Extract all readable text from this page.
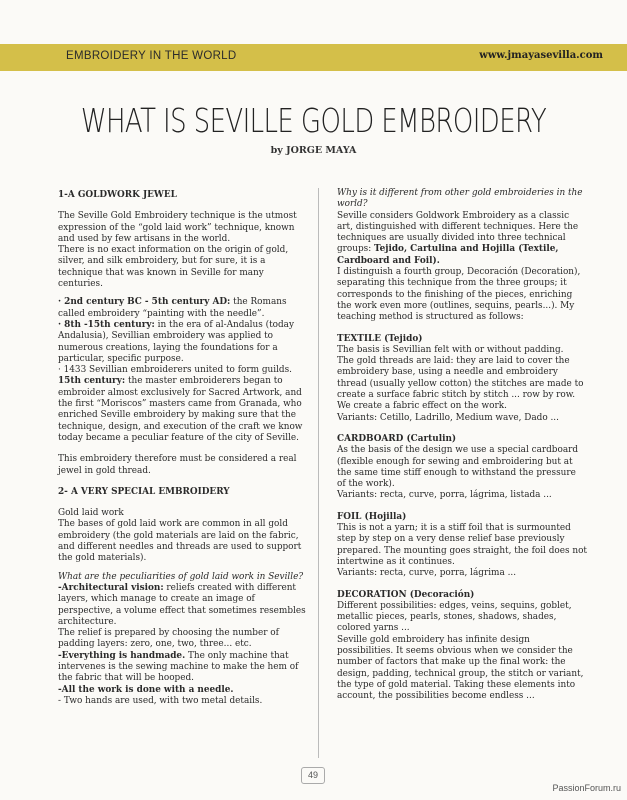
EMBROIDERY IN THE WORLD	www.jmayasevilla.com
WHAT IS SEVILLE GOLD EMBROIDERY
by JORGE MAYA

1-A GOLDWORK JEWEL

The Seville Gold Embroidery technique is the utmost expression of the “gold laid work” technique, known and used by few artisans in the world.

There is no exact information on the origin of gold, silver, and silk embroidery, but for sure, it is a technique that was known in Seville for many centuries.

· 2nd century BC - 5th century AD: the Romans called embroidery “painting with the needle”.

· 8th -15th century: in the era of al-Andalus (today Andalusia), Sevillian embroidery was applied to numerous creations, laying the foundations for a particular, specific purpose.

· 1433 Sevillian embroiderers united to form guilds.

15th century: the master embroiderers began to embroider almost exclusively for Sacred Artwork, and the first “Moriscos” masters came from Granada, who enriched Seville embroidery by making sure that the technique, design, and execution of the craft we know today became a peculiar feature of the city of Seville.

This embroidery therefore must be considered a real jewel in gold thread.

2- A VERY SPECIAL EMBROIDERY

Gold laid work

The bases of gold laid work are common in all gold embroidery (the gold materials are laid on the fabric, and different needles and threads are used to support the gold materials).

What are the peculiarities of gold laid work in Seville?

-Architectural vision: reliefs created with different layers, which manage to create an image of perspective, a volume effect that sometimes resembles architecture.

The relief is prepared by choosing the number of padding layers: zero, one, two, three... etc.

-Everything is handmade. The only machine that intervenes is the sewing machine to make the hem of the fabric that will be hooped.

-All the work is done with a needle.

- Two hands are used, with two metal details.

Why is it different from other gold embroideries in the world?

Seville considers Goldwork Embroidery as a classic art, distinguished with different techniques. Here the techniques are usually divided into three technical groups: Tejido, Cartulina and Hojilla (Textile, Cardboard and Foil).

I distinguish a fourth group, Decoración (Decoration), separating this technique from the three groups; it corresponds to the finishing of the pieces, enriching the work even more (outlines, sequins, pearls...). My teaching method is structured as follows:

TEXTILE (Tejido)

The basis is Sevillian felt with or without padding.

The gold threads are laid: they are laid to cover the embroidery base, using a needle and embroidery thread (usually yellow cotton) the stitches are made to create a surface fabric stitch by stitch ... row by row. We create a fabric effect on the work.

Variants: Cetillo, Ladrillo, Medium wave, Dado ...

CARDBOARD (Cartulin)

As the basis of the design we use a special cardboard (flexible enough for sewing and embroidering but at the same time stiff enough to withstand the pressure of the work).

Variants: recta, curve, porra, lágrima, listada ...

FOIL (Hojilla)

This is not a yarn; it is a stiff foil that is surmounted step by step on a very dense relief base previously prepared. The mounting goes straight, the foil does not intertwine as it continues.

Variants: recta, curve, porra, lágrima ...

DECORATION (Decoración)

Different possibilities: edges, veins, sequins, goblet, metallic pieces, pearls, stones, shadows, shades, colored yarns ...

Seville gold embroidery has infinite design possibilities. It seems obvious when we consider the number of factors that make up the final work: the design, padding, technical group, the stitch or variant, the type of gold material. Taking these elements into account, the possibilities become endless ...

49
PassionForum.ru
